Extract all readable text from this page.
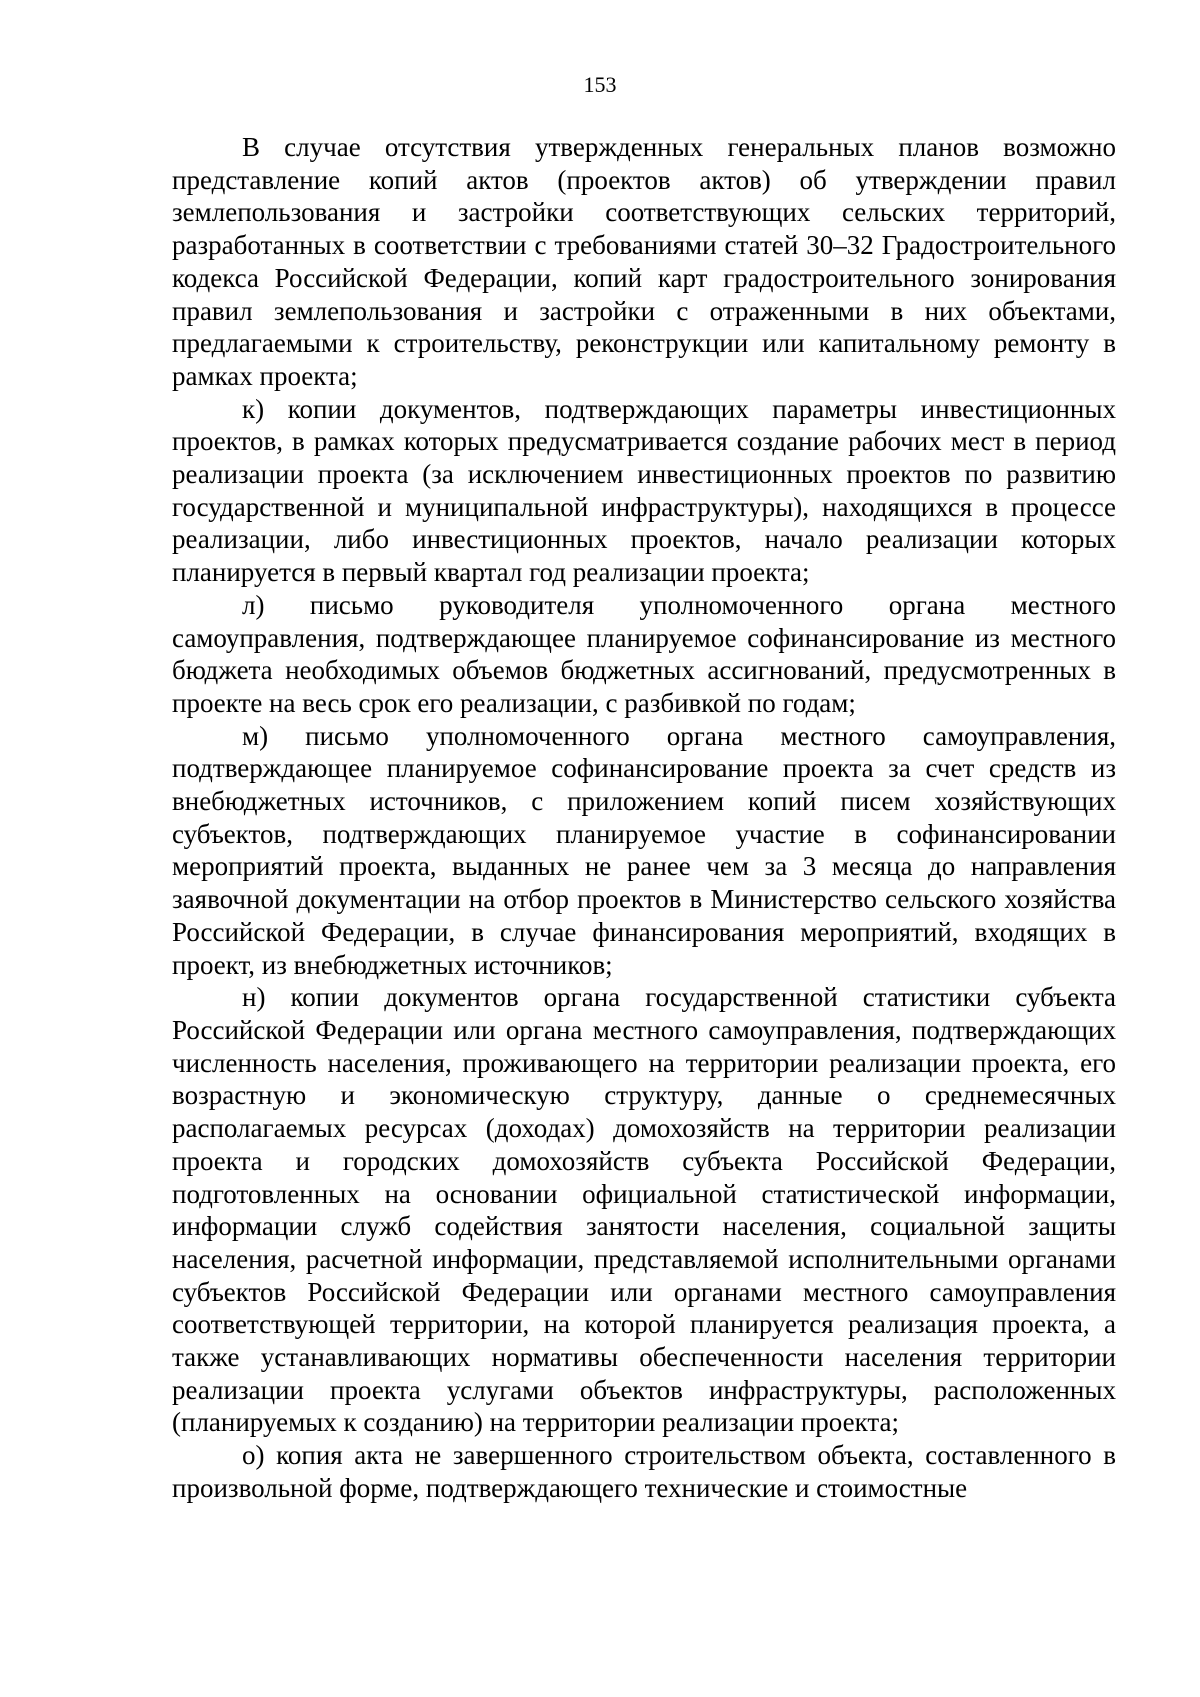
153

В случае отсутствия утвержденных генеральных планов возможно представление копий актов (проектов актов) об утверждении правил землепользования и застройки соответствующих сельских территорий, разработанных в соответствии с требованиями статей 30–32 Градостроительного кодекса Российской Федерации, копий карт градостроительного зонирования правил землепользования и застройки с отраженными в них объектами, предлагаемыми к строительству, реконструкции или капитальному ремонту в рамках проекта;

к) копии документов, подтверждающих параметры инвестиционных проектов, в рамках которых предусматривается создание рабочих мест в период реализации проекта (за исключением инвестиционных проектов по развитию государственной и муниципальной инфраструктуры), находящихся в процессе реализации, либо инвестиционных проектов, начало реализации которых планируется в первый квартал год реализации проекта;

л) письмо руководителя уполномоченного органа местного самоуправления, подтверждающее планируемое софинансирование из местного бюджета необходимых объемов бюджетных ассигнований, предусмотренных в проекте на весь срок его реализации, с разбивкой по годам;

м) письмо уполномоченного органа местного самоуправления, подтверждающее планируемое софинансирование проекта за счет средств из внебюджетных источников, с приложением копий писем хозяйствующих субъектов, подтверждающих планируемое участие в софинансировании мероприятий проекта, выданных не ранее чем за 3 месяца до направления заявочной документации на отбор проектов в Министерство сельского хозяйства Российской Федерации, в случае финансирования мероприятий, входящих в проект, из внебюджетных источников;

н) копии документов органа государственной статистики субъекта Российской Федерации или органа местного самоуправления, подтверждающих численность населения, проживающего на территории реализации проекта, его возрастную и экономическую структуру, данные о среднемесячных располагаемых ресурсах (доходах) домохозяйств на территории реализации проекта и городских домохозяйств субъекта Российской Федерации, подготовленных на основании официальной статистической информации, информации служб содействия занятости населения, социальной защиты населения, расчетной информации, представляемой исполнительными органами субъектов Российской Федерации или органами местного самоуправления соответствующей территории, на которой планируется реализация проекта, а также устанавливающих нормативы обеспеченности населения территории реализации проекта услугами объектов инфраструктуры, расположенных (планируемых к созданию) на территории реализации проекта;

о) копия акта не завершенного строительством объекта, составленного в произвольной форме, подтверждающего технические и стоимостные
